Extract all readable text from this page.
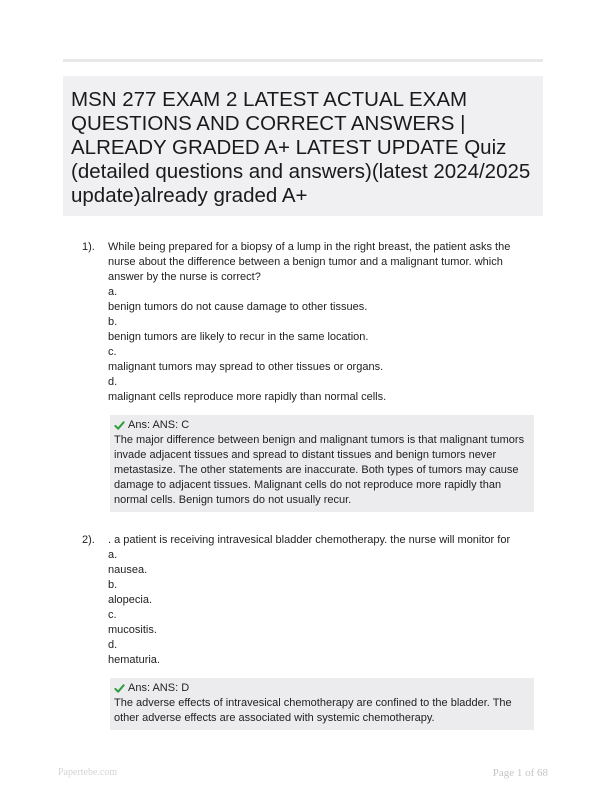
MSN 277 EXAM 2 LATEST ACTUAL EXAM QUESTIONS AND CORRECT ANSWERS | ALREADY GRADED A+ LATEST UPDATE Quiz (detailed questions and answers)(latest 2024/2025 update)already graded A+
1). While being prepared for a biopsy of a lump in the right breast, the patient asks the nurse about the difference between a benign tumor and a malignant tumor. which answer by the nurse is correct?

a.

benign tumors do not cause damage to other tissues.

b.

benign tumors are likely to recur in the same location.

c.

malignant tumors may spread to other tissues or organs.

d.

malignant cells reproduce more rapidly than normal cells.

Ans: ANS: C

The major difference between benign and malignant tumors is that malignant tumors invade adjacent tissues and spread to distant tissues and benign tumors never metastasize. The other statements are inaccurate. Both types of tumors may cause damage to adjacent tissues. Malignant cells do not reproduce more rapidly than normal cells. Benign tumors do not usually recur.

2). . a patient is receiving intravesical bladder chemotherapy. the nurse will monitor for

a.

nausea.

b.

alopecia.

c.

mucositis.

d.

hematuria.

Ans: ANS: D

The adverse effects of intravesical chemotherapy are confined to the bladder. The other adverse effects are associated with systemic chemotherapy.

Papertebe.com	Page 1 of 68
